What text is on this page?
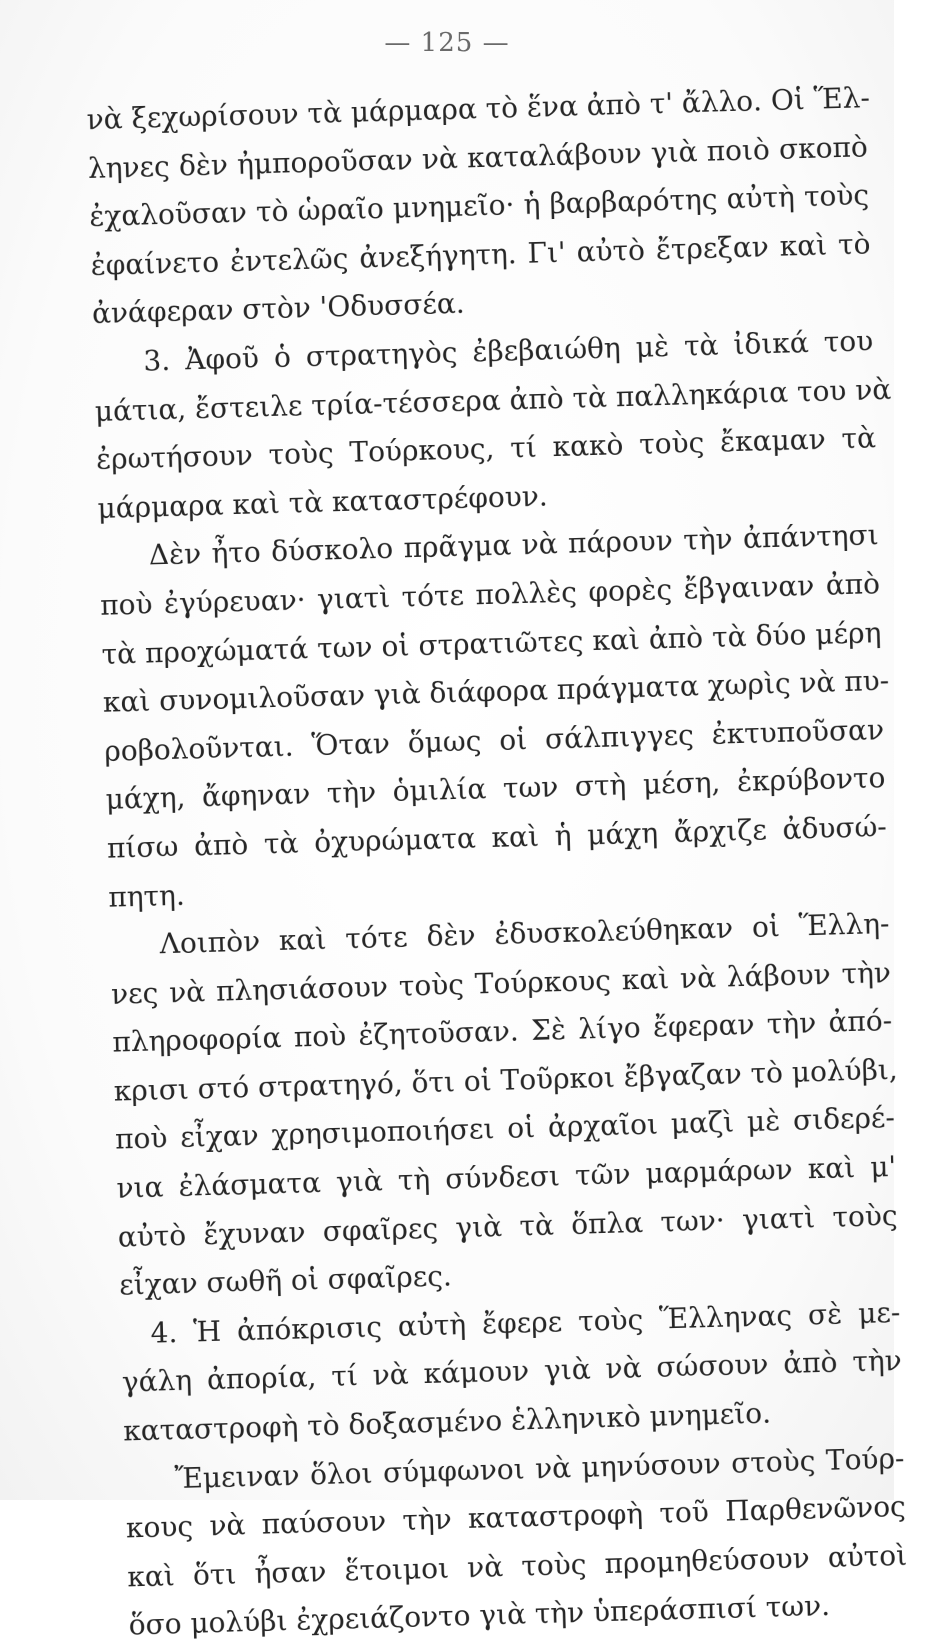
— 125 —
νὰ ξεχωρίσουν τὰ μάρμαρα τὸ ἕνα ἀπὸ τ' ἄλλο. Οἱ Ἕλ-
ληνες δὲν ἠμποροῦσαν νὰ καταλάβουν γιὰ ποιὸ σκοπὸ
ἐχαλοῦσαν τὸ ὡραῖο μνημεῖο· ἡ βαρβαρότης αὐτὴ τοὺς
ἐφαίνετο ἐντελῶς ἀνεξήγητη. Γι' αὐτὸ ἔτρεξαν καὶ τὸ
ἀνάφεραν στὸν 'Οδυσσέα.
3. Ἀφοῦ ὁ στρατηγὸς ἐβεβαιώθη μὲ τὰ ἰδικά του
μάτια, ἔστειλε τρία-τέσσερα ἀπὸ τὰ παλληκάρια του νὰ
ἐρωτήσουν τοὺς Τούρκους, τί κακὸ τοὺς ἔκαμαν τὰ
μάρμαρα καὶ τὰ καταστρέφουν.
Δὲν ἦτο δύσκολο πρᾶγμα νὰ πάρουν τὴν ἀπάντησι
ποὺ ἐγύρευαν· γιατὶ τότε πολλὲς φορὲς ἔβγαιναν ἀπὸ
τὰ προχώματά των οἱ στρατιῶτες καὶ ἀπὸ τὰ δύο μέρη
καὶ συνομιλοῦσαν γιὰ διάφορα πράγματα χωρὶς νὰ πυ-
ροβολοῦνται. Ὅταν ὅμως οἱ σάλπιγγες ἐκτυποῦσαν
μάχη, ἄφηναν τὴν ὁμιλία των στὴ μέση, ἐκρύβοντο
πίσω ἀπὸ τὰ ὀχυρώματα καὶ ἡ μάχη ἄρχιζε ἀδυσώ-
πητη.
Λοιπὸν καὶ τότε δὲν ἐδυσκολεύθηκαν οἱ Ἕλλη-
νες νὰ πλησιάσουν τοὺς Τούρκους καὶ νὰ λάβουν τὴν
πληροφορία ποὺ ἐζητοῦσαν. Σὲ λίγο ἔφεραν τὴν ἀπό-
κρισι στό στρατηγό, ὅτι οἱ Τοῦρκοι ἔβγαζαν τὸ μολύβι,
ποὺ εἶχαν χρησιμοποιήσει οἱ ἀρχαῖοι μαζὶ μὲ σιδερέ-
νια ἐλάσματα γιὰ τὴ σύνδεσι τῶν μαρμάρων καὶ μ'
αὐτὸ ἔχυναν σφαῖρες γιὰ τὰ ὅπλα των· γιατὶ τοὺς
εἶχαν σωθῆ οἱ σφαῖρες.
4. Ἡ ἀπόκρισις αὐτὴ ἔφερε τοὺς Ἕλληνας σὲ με-
γάλη ἀπορία, τί νὰ κάμουν γιὰ νὰ σώσουν ἀπὸ τὴν
καταστροφὴ τὸ δοξασμένο ἑλληνικὸ μνημεῖο.
Ἔμειναν ὅλοι σύμφωνοι νὰ μηνύσουν στοὺς Τούρ-
κους νὰ παύσουν τὴν καταστροφὴ τοῦ Παρθενῶνος
καὶ ὅτι ἦσαν ἕτοιμοι νὰ τοὺς προμηθεύσουν αὐτοὶ
ὅσο μολύβι ἐχρειάζοντο γιὰ τὴν ὑπεράσπισί των.
